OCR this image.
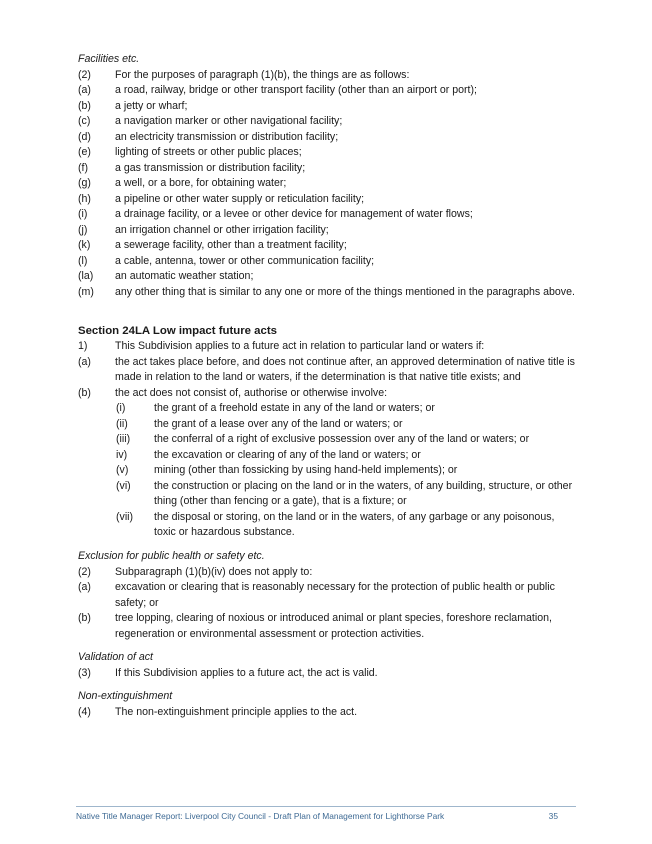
Facilities etc.
(2) For the purposes of paragraph (1)(b), the things are as follows:
(a) a road, railway, bridge or other transport facility (other than an airport or port);
(b) a jetty or wharf;
(c) a navigation marker or other navigational facility;
(d) an electricity transmission or distribution facility;
(e) lighting of streets or other public places;
(f)	a gas transmission or distribution facility;
(g) a well, or a bore, for obtaining water;
(h) a pipeline or other water supply or reticulation facility;
(i)	a drainage facility, or a levee or other device for management of water flows;
(j)	an irrigation channel or other irrigation facility;
(k) a sewerage facility, other than a treatment facility;
(l)	a cable, antenna, tower or other communication facility;
(la) an automatic weather station;
(m) any other thing that is similar to any one or more of the things mentioned in the paragraphs above.
Section 24LA Low impact future acts
1)	This Subdivision applies to a future act in relation to particular land or waters if:
(a) the act takes place before, and does not continue after, an approved determination of native title is made in relation to the land or waters, if the determination is that native title exists; and
(b) the act does not consist of, authorise or otherwise involve:
(i)	the grant of a freehold estate in any of the land or waters; or
(ii) the grant of a lease over any of the land or waters; or
(iii) the conferral of a right of exclusive possession over any of the land or waters; or
iv)	the excavation or clearing of any of the land or waters; or
(v) mining (other than fossicking by using hand-held implements); or
(vi) the construction or placing on the land or in the waters, of any building, structure, or other thing (other than fencing or a gate), that is a fixture; or
(vii) the disposal or storing, on the land or in the waters, of any garbage or any poisonous, toxic or hazardous substance.
Exclusion for public health or safety etc.
(2) Subparagraph (1)(b)(iv) does not apply to:
(a) excavation or clearing that is reasonably necessary for the protection of public health or public safety; or
(b) tree lopping, clearing of noxious or introduced animal or plant species, foreshore reclamation, regeneration or environmental assessment or protection activities.
Validation of act
(3) If this Subdivision applies to a future act, the act is valid.
Non-extinguishment
(4) The non-extinguishment principle applies to the act.
Native Title Manager Report: Liverpool City Council - Draft Plan of Management for Lighthorse Park	35
